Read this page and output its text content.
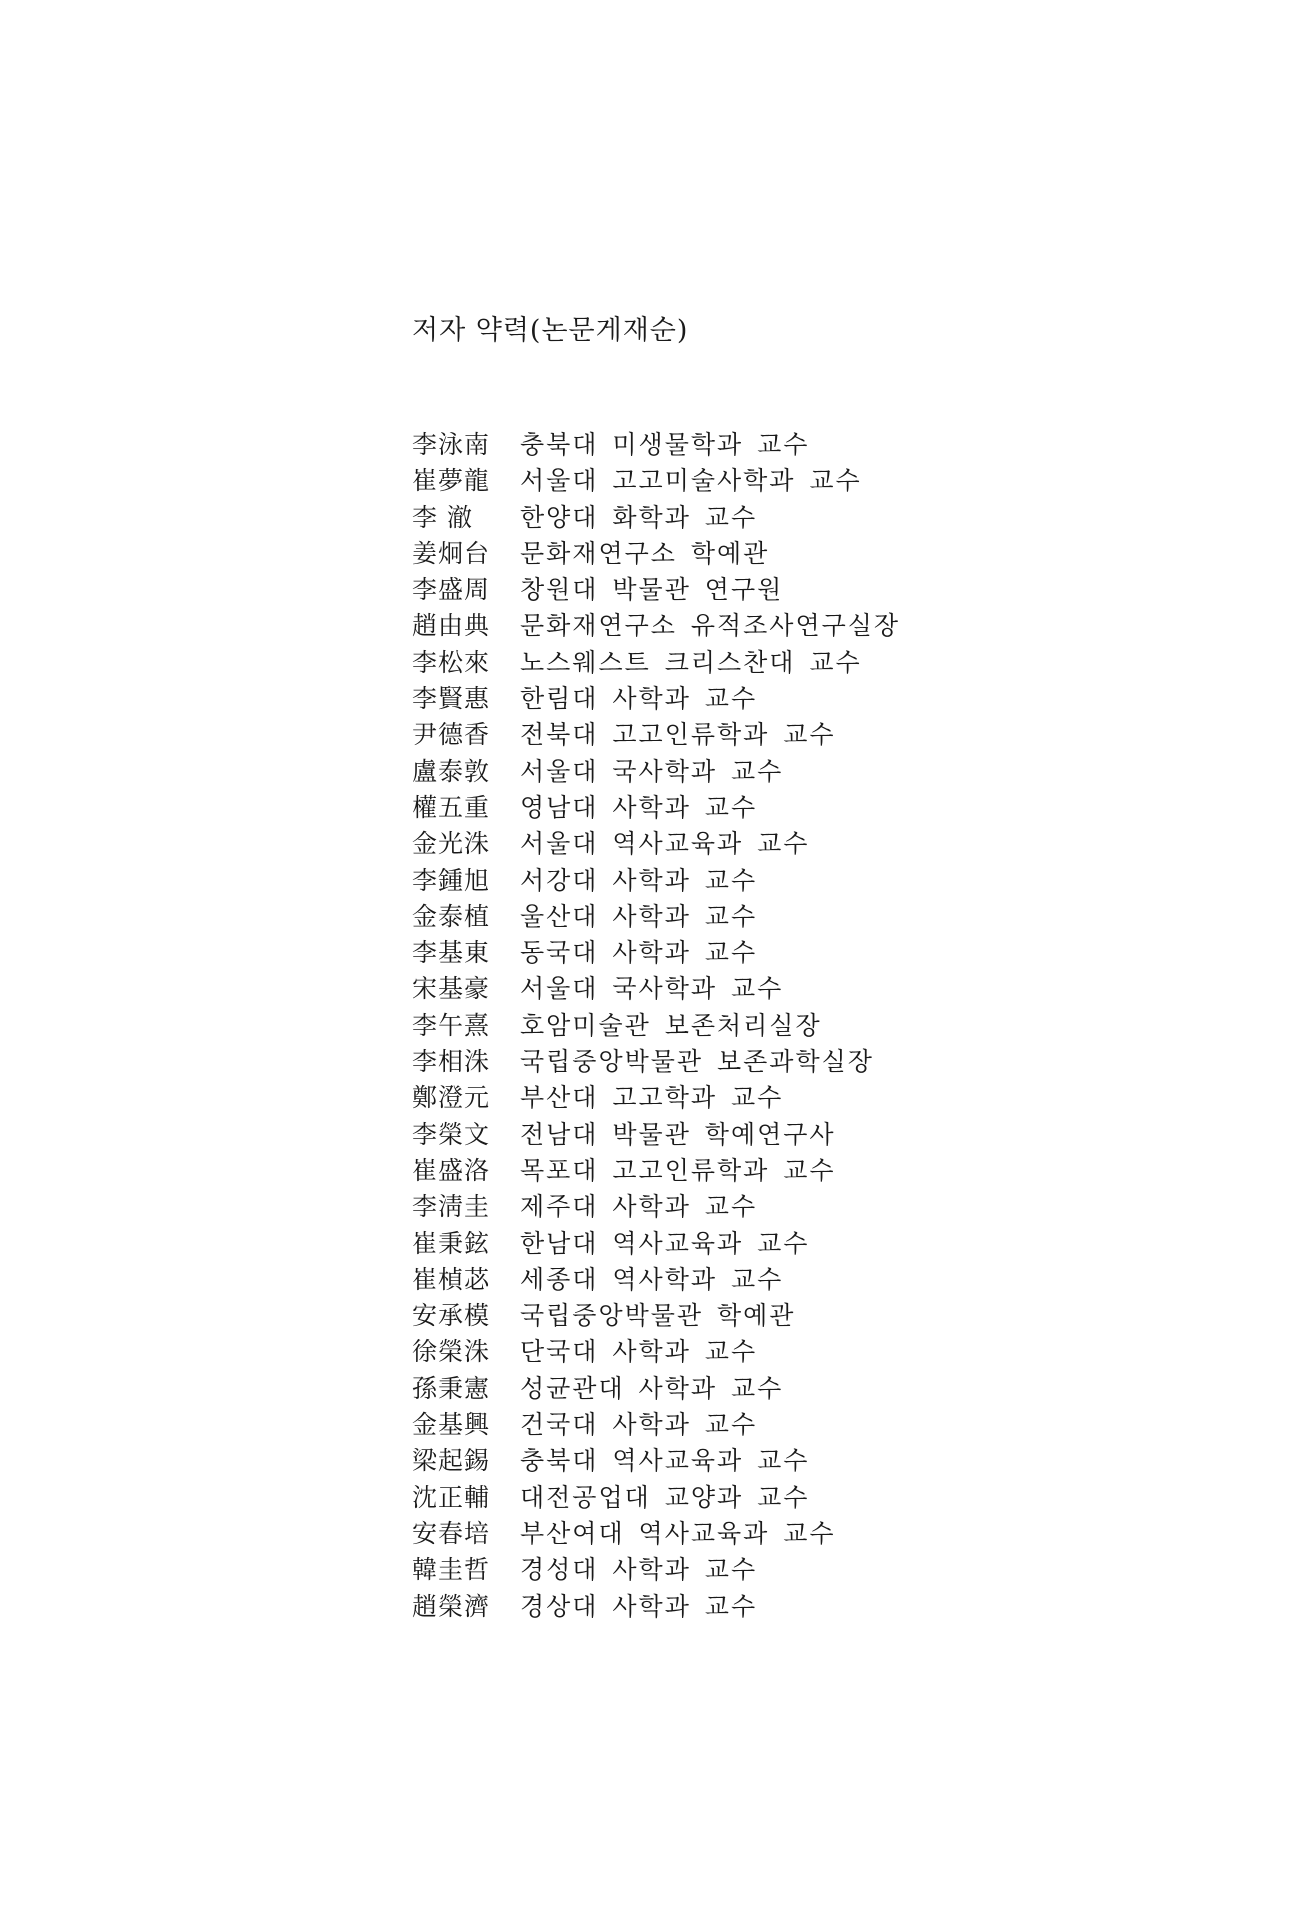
저자 약력(논문게재순)
李泳南	충북대 미생물학과 교수
崔夢龍	서울대 고고미술사학과 교수
李 澈	한양대 화학과 교수
姜炯台	문화재연구소 학예관
李盛周	창원대 박물관 연구원
趙由典	문화재연구소 유적조사연구실장
李松來	노스웨스트 크리스찬대 교수
李賢惠	한림대 사학과 교수
尹德香	전북대 고고인류학과 교수
盧泰敦	서울대 국사학과 교수
權五重	영남대 사학과 교수
金光洙	서울대 역사교육과 교수
李鍾旭	서강대 사학과 교수
金泰植	울산대 사학과 교수
李基東	동국대 사학과 교수
宋基豪	서울대 국사학과 교수
李午熹	호암미술관 보존처리실장
李相洙	국립중앙박물관 보존과학실장
鄭澄元	부산대 고고학과 교수
李榮文	전남대 박물관 학예연구사
崔盛洛	목포대 고고인류학과 교수
李淸圭	제주대 사학과 교수
崔秉鉉	한남대 역사교육과 교수
崔楨苾	세종대 역사학과 교수
安承模	국립중앙박물관 학예관
徐榮洙	단국대 사학과 교수
孫秉憲	성균관대 사학과 교수
金基興	건국대 사학과 교수
梁起錫	충북대 역사교육과 교수
沈正輔	대전공업대 교양과 교수
安春培	부산여대 역사교육과 교수
韓圭哲	경성대 사학과 교수
趙榮濟	경상대 사학과 교수
